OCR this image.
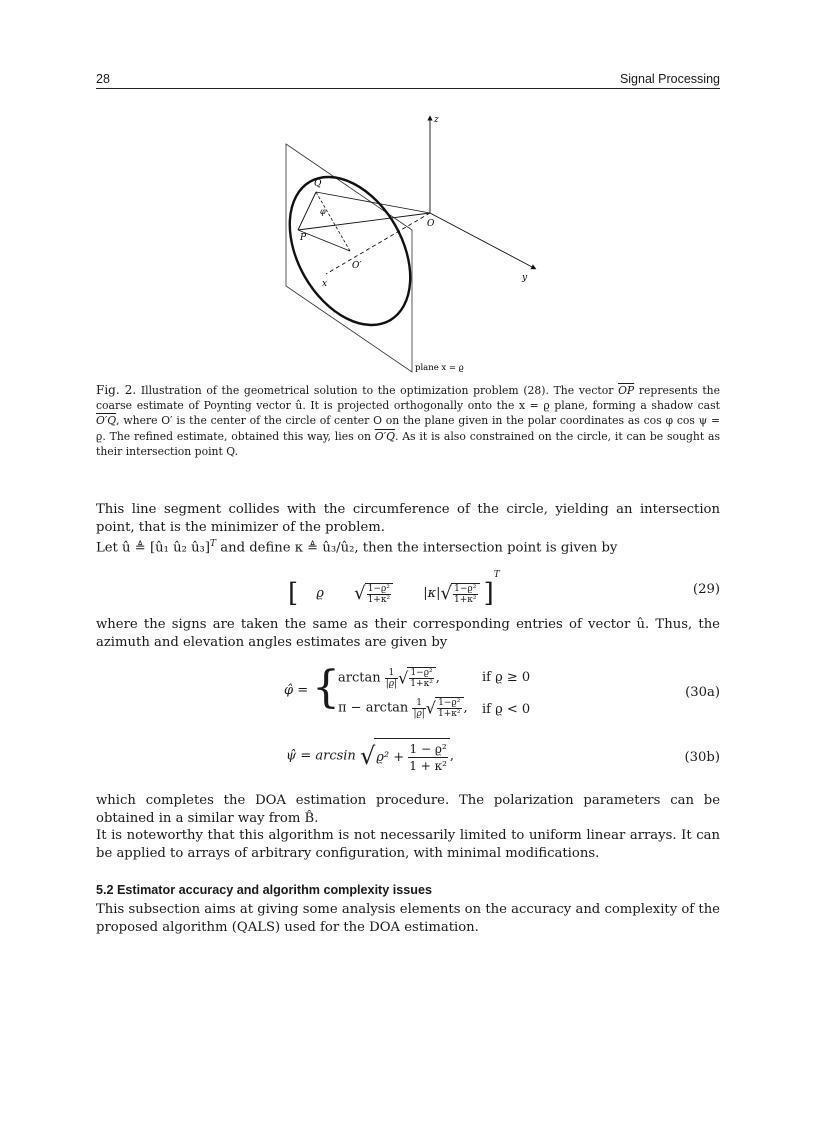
28	Signal Processing
z
y
x
O
Q
P
O′
φ
plane x = ϱ
Fig. 2. Illustration of the geometrical solution to the optimization problem (28). The vector $\overline{OP}$ represents the coarse estimate of Poynting vector û. It is projected orthogonally onto the x = ϱ plane, forming a shadow cast O′Q, where O′ is the center of the circle of center O on the plane given in the polar coordinates as cos φ cos ψ = ϱ. The refined estimate, obtained this way, lies on O′Q. As it is also constrained on the circle, it can be sought as their intersection point Q.
This line segment collides with the circumference of the circle, yielding an intersection point, that is the minimizer of the problem.
Let û ≜ [û₁ û₂ û₃]$^T$ and define κ ≜ û₃/û₂, then the intersection point is given by
[ ϱ √ $\frac{\text{1−ϱ²}}{\text{1+κ²}} |\kappa|√ \frac{\text{1−ϱ²}}{\text{1+κ²}} ]^T$
(29)
where the signs are taken the same as their corresponding entries of vector û. Thus, the azimuth and elevation angles estimates are given by
φ̂ = {
$\arctan \frac{1}{|ϱ|}$ √ $\frac{\text{1−ϱ²}}{\text{1+κ²}}$ ,	if ϱ ≥ 0
$\pi - \arctan \frac{1}{|ϱ|}$ √ $\frac{\text{1−ϱ²}}{\text{1+κ²}}$ , if ϱ < 0
(30a)
ψ̂ = $\arcsin √ϱ^2 + \frac{\text{1 − ϱ²}}{\text{1 + κ²}}$ ,	(30b)
which completes the DOA estimation procedure. The polarization parameters can be obtained in a similar way from B̂.
It is noteworthy that this algorithm is not necessarily limited to uniform linear arrays. It can be applied to arrays of arbitrary configuration, with minimal modifications.
5.2 Estimator accuracy and algorithm complexity issues
This subsection aims at giving some analysis elements on the accuracy and complexity of the proposed algorithm (QALS) used for the DOA estimation.
